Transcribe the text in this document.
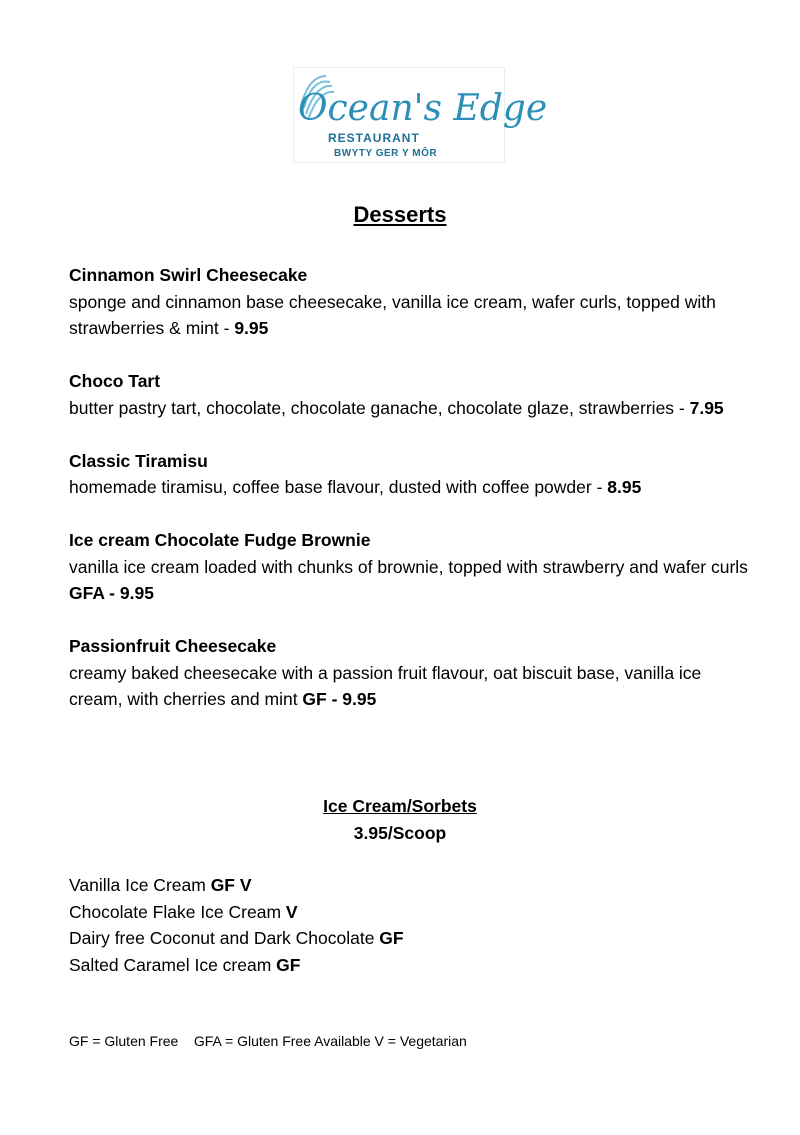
Ocean's Edge
RESTAURANT
BWYTY GER Y MÔR
Desserts
Cinnamon Swirl Cheesecake
sponge and cinnamon base cheesecake, vanilla ice cream, wafer curls, topped with strawberries & mint - 9.95
Choco Tart
butter pastry tart, chocolate, chocolate ganache, chocolate glaze, strawberries - 7.95
Classic Tiramisu
homemade tiramisu, coffee base flavour, dusted with coffee powder - 8.95
Ice cream Chocolate Fudge Brownie
vanilla ice cream loaded with chunks of brownie, topped with strawberry and wafer curls GFA - 9.95
Passionfruit Cheesecake
creamy baked cheesecake with a passion fruit flavour, oat biscuit base, vanilla ice cream, with cherries and mint GF - 9.95
Ice Cream/Sorbets
3.95/Scoop
Vanilla Ice Cream GF V
Chocolate Flake Ice Cream V
Dairy free Coconut and Dark Chocolate GF
Salted Caramel Ice cream GF
GF = Gluten Free    GFA = Gluten Free Available V = Vegetarian
